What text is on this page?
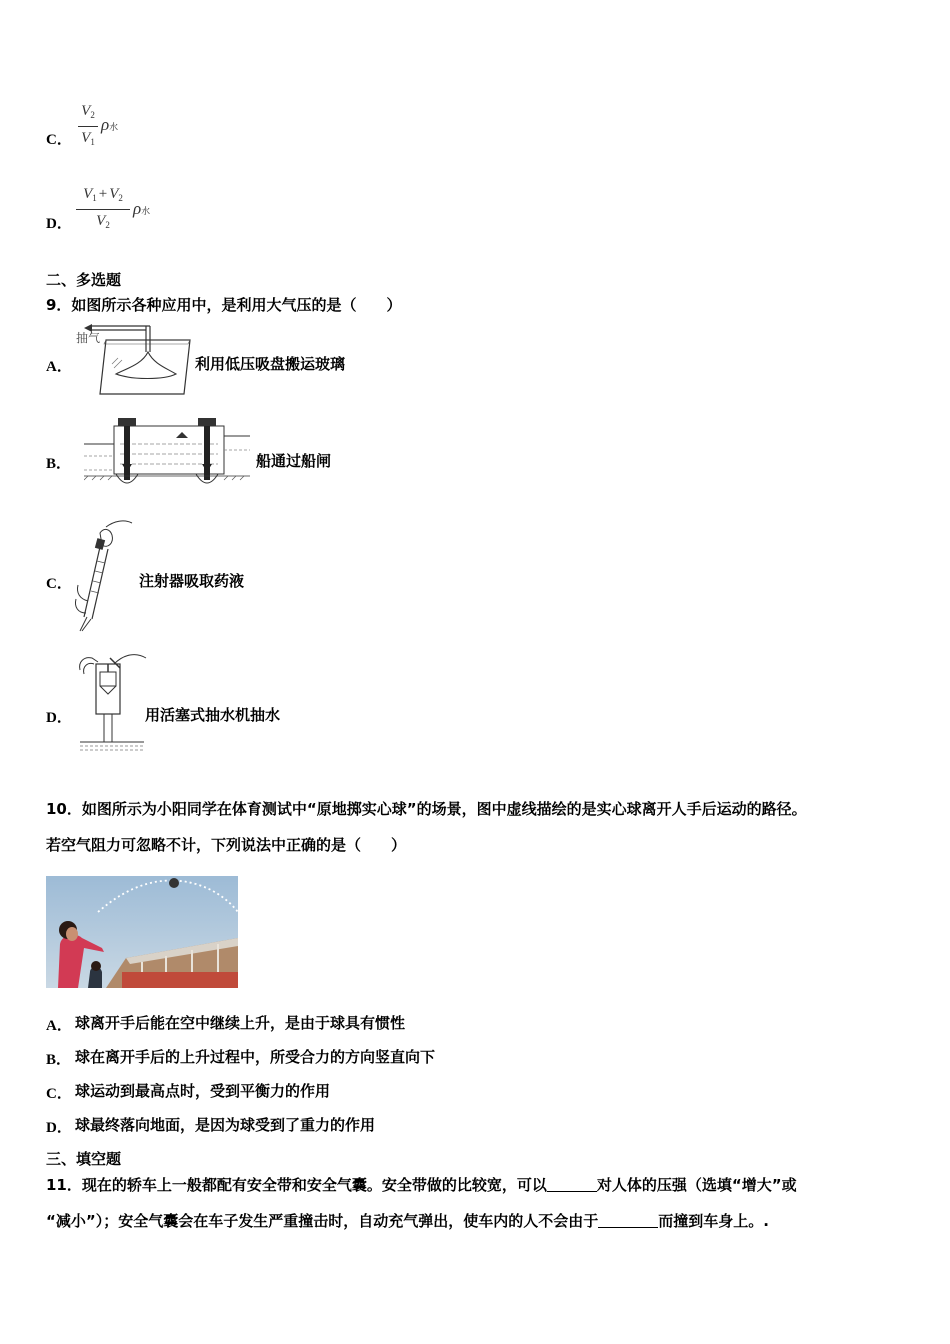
C．
$V_2$
$V_1$
ρ水
D．
$V_1 + V_2$
$V_2$
ρ水
二、多选题
9．如图所示各种应用中，是利用大气压的是（　　）
A．
抽气
利用低压吸盘搬运玻璃
B．	船通过船闸
C．	注射器吸取药液
D．	用活塞式抽水机抽水
10．如图所示为小阳同学在体育测试中“原地掷实心球”的场景，图中虚线描绘的是实心球离开人手后运动的路径。
若空气阻力可忽略不计，下列说法中正确的是（　　）
A． 球离开手后能在空中继续上升，是由于球具有惯性
B． 球在离开手后的上升过程中，所受合力的方向竖直向下
C． 球运动到最高点时，受到平衡力的作用
D． 球最终落向地面，是因为球受到了重力的作用
三、填空题
11．现在的轿车上一般都配有安全带和安全气囊。安全带做的比较宽，可以	对人体的压强（选填“增大”或
“减小”）；安全气囊会在车子发生严重撞击时，自动充气弹出，使车内的人不会由于	而撞到车身上。.
